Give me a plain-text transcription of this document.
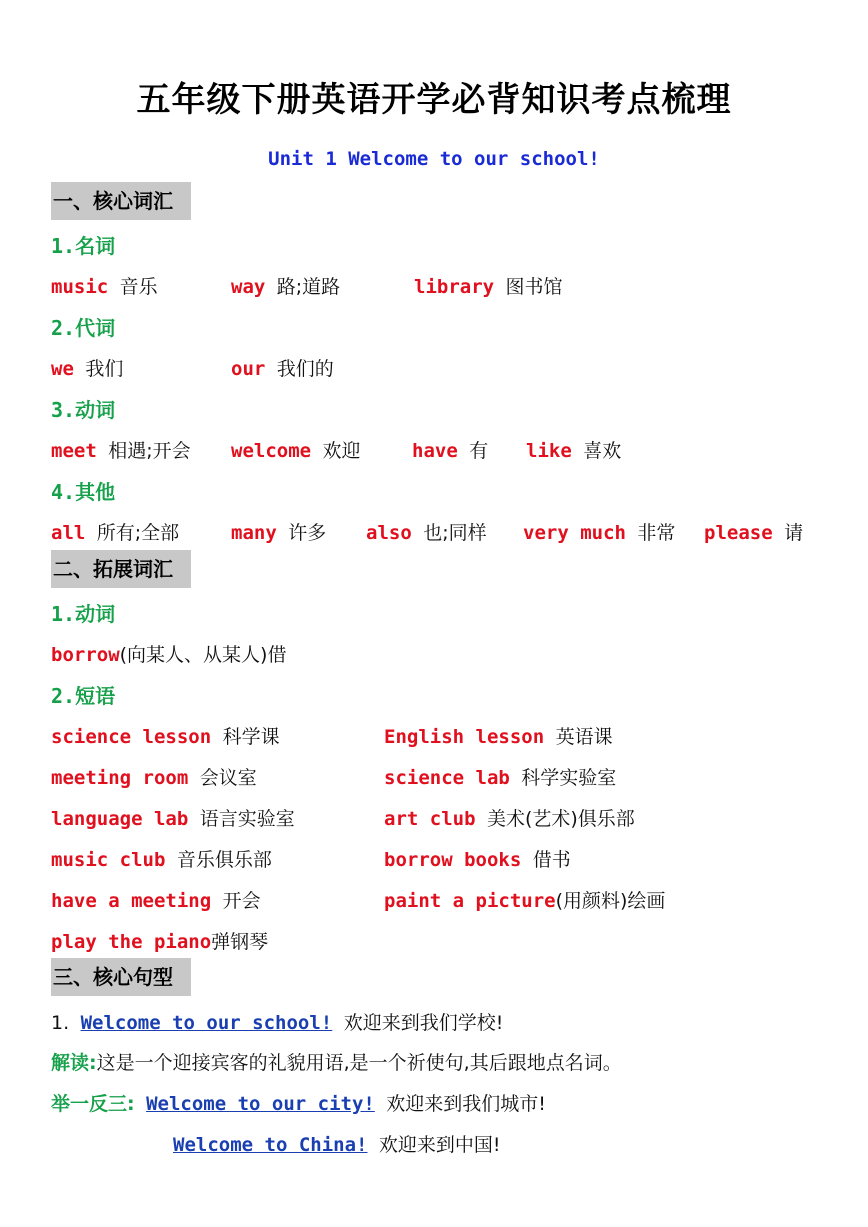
五年级下册英语开学必背知识考点梳理
Unit 1 Welcome to our school!
一、核心词汇
1.名词
music 音乐	way 路;道路	library 图书馆
2.代词
we 我们	our 我们的
3.动词
meet 相遇;开会 welcome 欢迎	have 有 like 喜欢
4.其他
all 所有;全部	many 许多 also 也;同样 very much 非常 please 请
二、拓展词汇
1.动词
borrow(向某人、从某人)借
2.短语
science lesson 科学课	English lesson 英语课
meeting room 会议室	science lab 科学实验室
language lab 语言实验室	art club 美术(艺术)俱乐部
music club 音乐俱乐部	borrow books 借书
have a meeting 开会	paint a picture(用颜料)绘画
play the piano弹钢琴
三、核心句型
1. Welcome to our school! 欢迎来到我们学校!
解读:这是一个迎接宾客的礼貌用语,是一个祈使句,其后跟地点名词。
举一反三: Welcome to our city! 欢迎来到我们城市!
Welcome to China! 欢迎来到中国!
